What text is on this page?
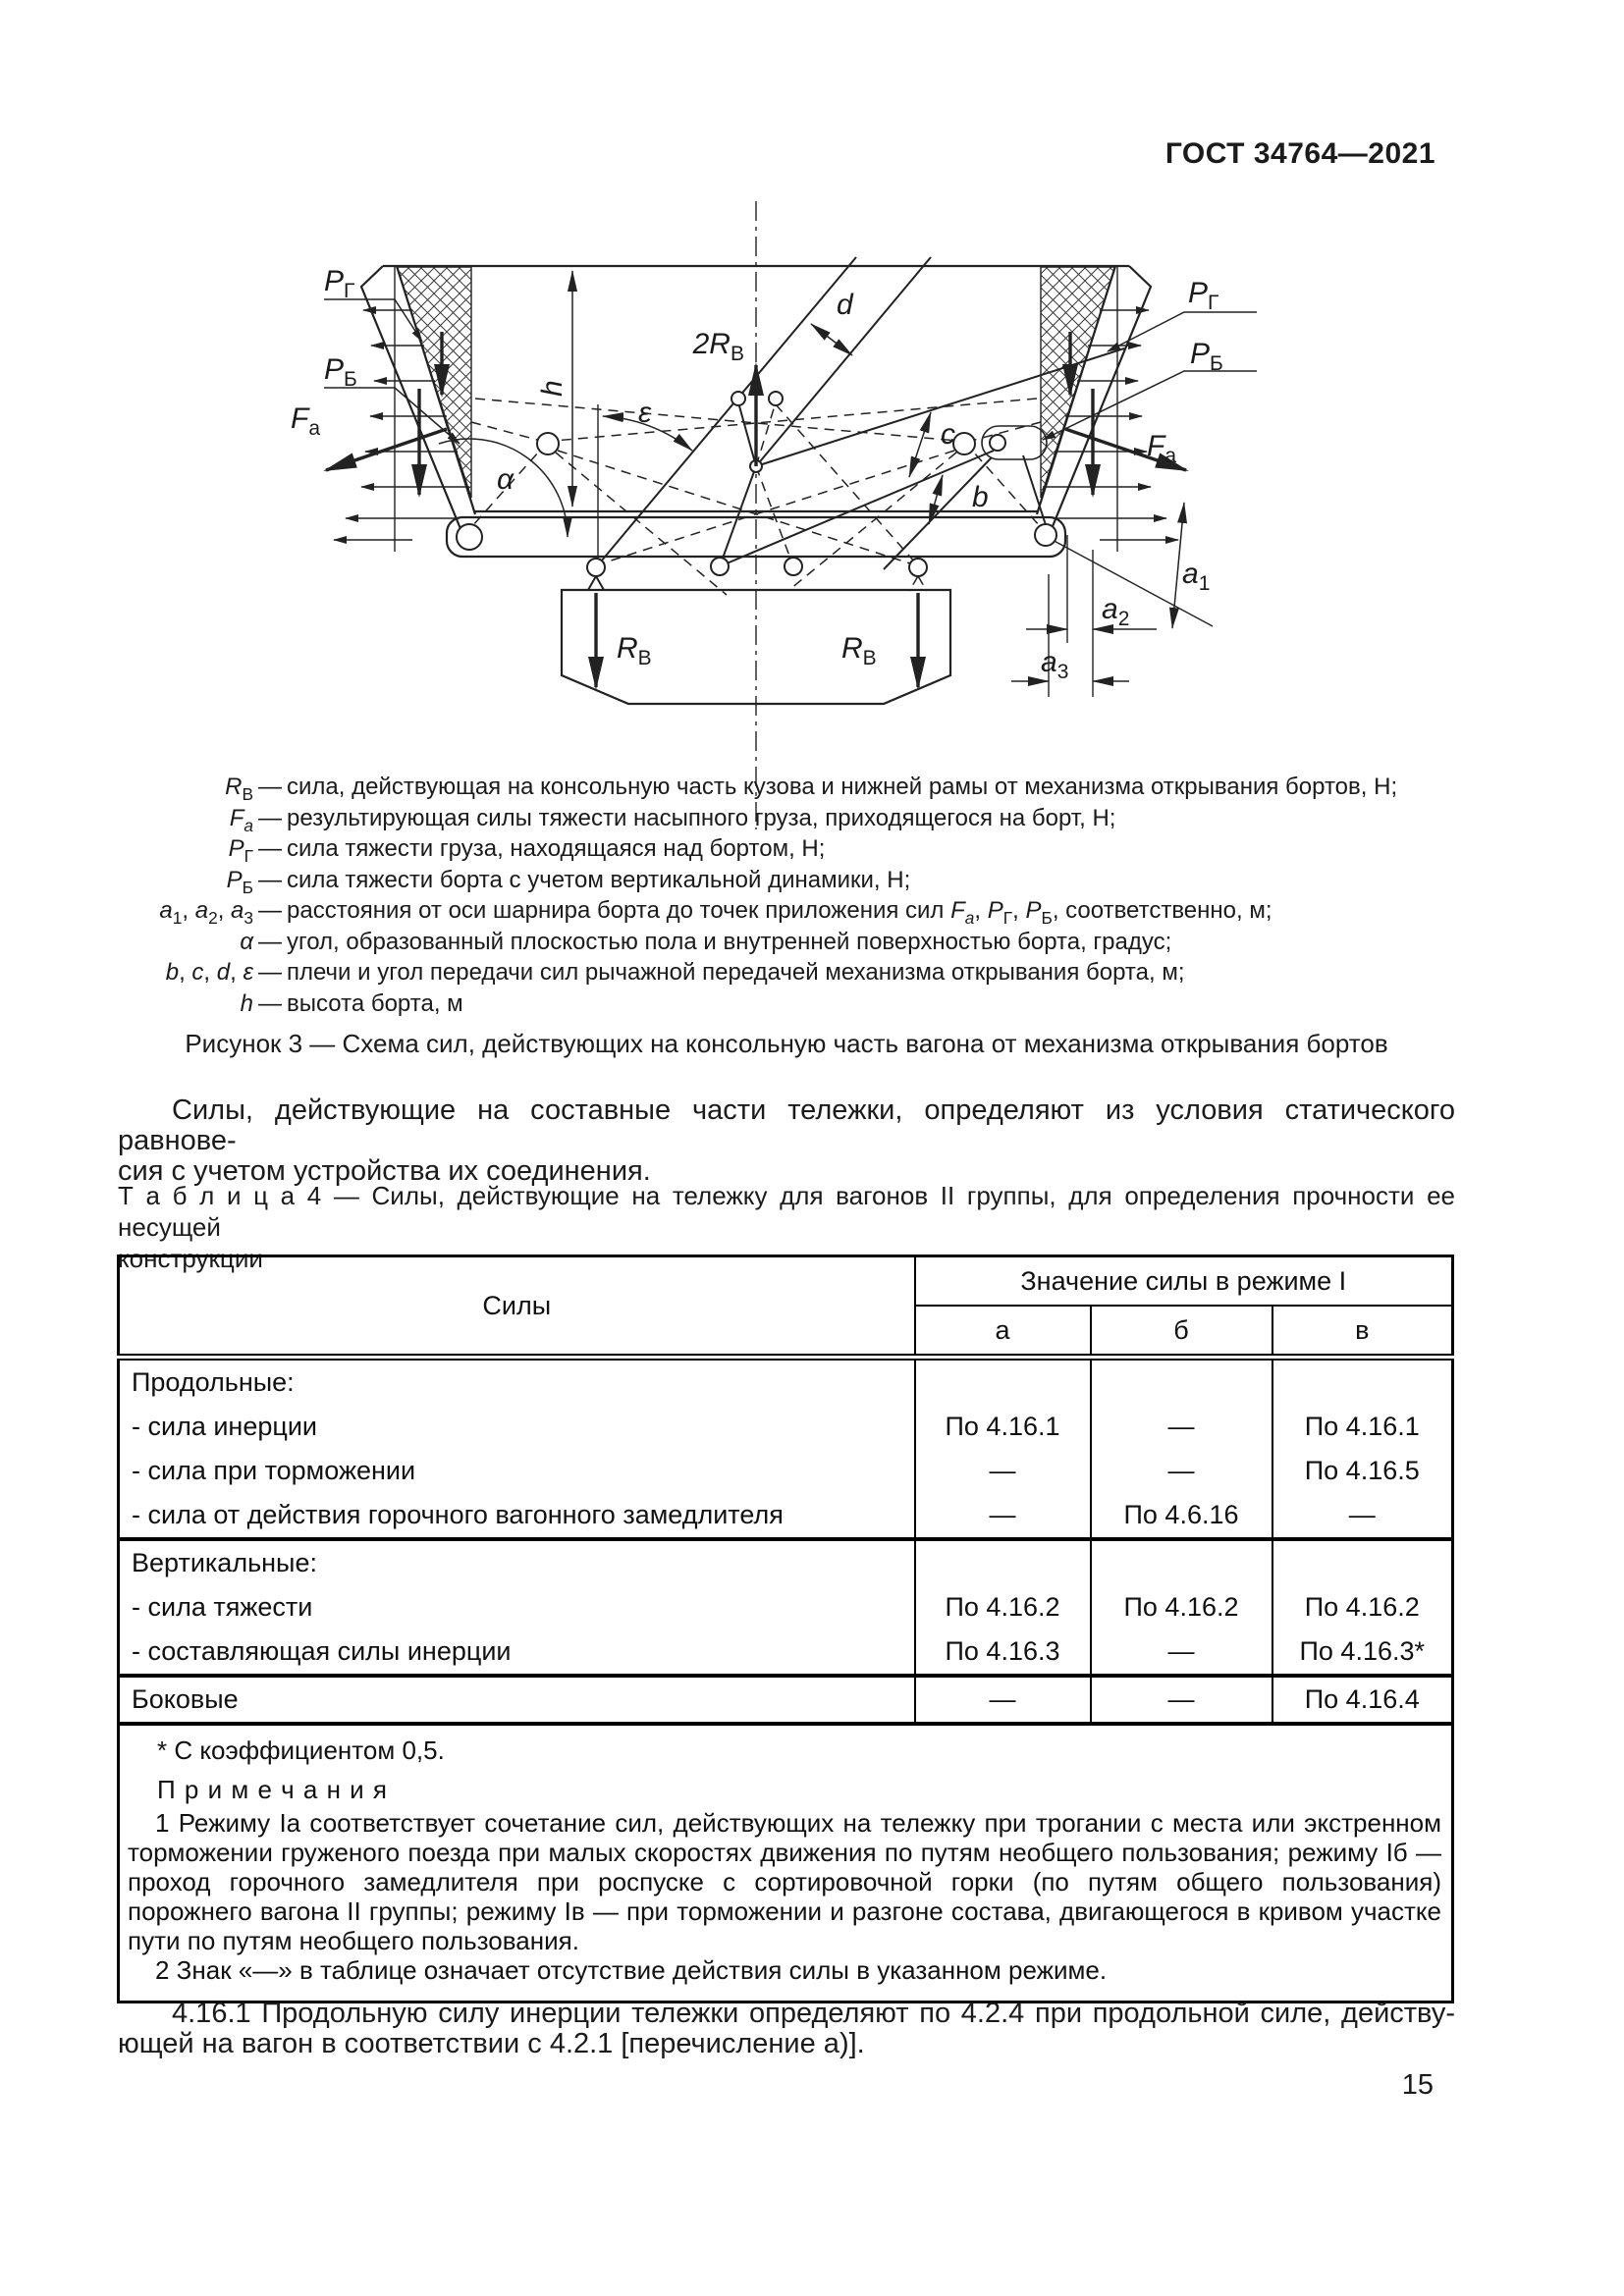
ГОСТ 34764—2021
$P_Г$
$P_Б$
$F_а$
$P_Г$
$P_Б$
$F_а$
$2R_В$
$R_В$	$R_В$
$a_1$
$a_2$
$a_3$
h
d
c
b
α
ε
$R_В$ — сила, действующая на консольную часть кузова и нижней рамы от механизма открывания бортов, Н;
$F_а$ — результирующая силы тяжести насыпного груза, приходящегося на борт, Н;
$P_Г$ — сила тяжести груза, находящаяся над бортом, Н;
$P_Б$ — сила тяжести борта с учетом вертикальной динамики, Н;
$a_1$, $a_2$, $a_3$ — расстояния от оси шарнира борта до точек приложения сил $F_а$, $P_Г$, $P_Б$, соответственно, м;
α — угол, образованный плоскостью пола и внутренней поверхностью борта, градус;
b, c, d, ε — плечи и угол передачи сил рычажной передачей механизма открывания борта, м;
h — высота борта, м
Рисунок 3 — Схема сил, действующих на консольную часть вагона от механизма открывания бортов
Силы, действующие на составные части тележки, определяют из условия статического равнове-
сия с учетом устройства их соединения.
Т а б л и ц а 4 — Силы, действующие на тележку для вагонов II группы, для определения прочности ее несущей
конструкции
Силы	Значение силы в режиме I		
	а	б	в
Продольные:			
- сила инерции	По 4.16.1	—	По 4.16.1
- сила при торможении	—	—	По 4.16.5
- сила от действия горочного вагонного замедлителя	—	По 4.6.16	—
Вертикальные:			
- сила тяжести	По 4.16.2	По 4.16.2	По 4.16.2
- составляющая силы инерции	По 4.16.3	—	По 4.16.3*
Боковые	—	—	По 4.16.4

* С коэффициентом 0,5.
П р и м е ч а н и я

1 Режиму Iа соответствует сочетание сил, действующих на тележку при трогании с места или экстренном торможении груженого поезда при малых скоростях движения по путям необщего пользования; режиму Iб — проход горочного замедлителя при роспуске с сортировочной горки (по путям общего пользования) порожнего вагона II группы; режиму Iв — при торможении и разгоне состава, двигающегося в кривом участке пути по путям необщего пользования.

2 Знак «—» в таблице означает отсутствие действия силы в указанном режиме.			

4.16.1 Продольную силу инерции тележки определяют по 4.2.4 при продольной силе, действу-
ющей на вагон в соответствии с 4.2.1 [перечисление а)].
15
